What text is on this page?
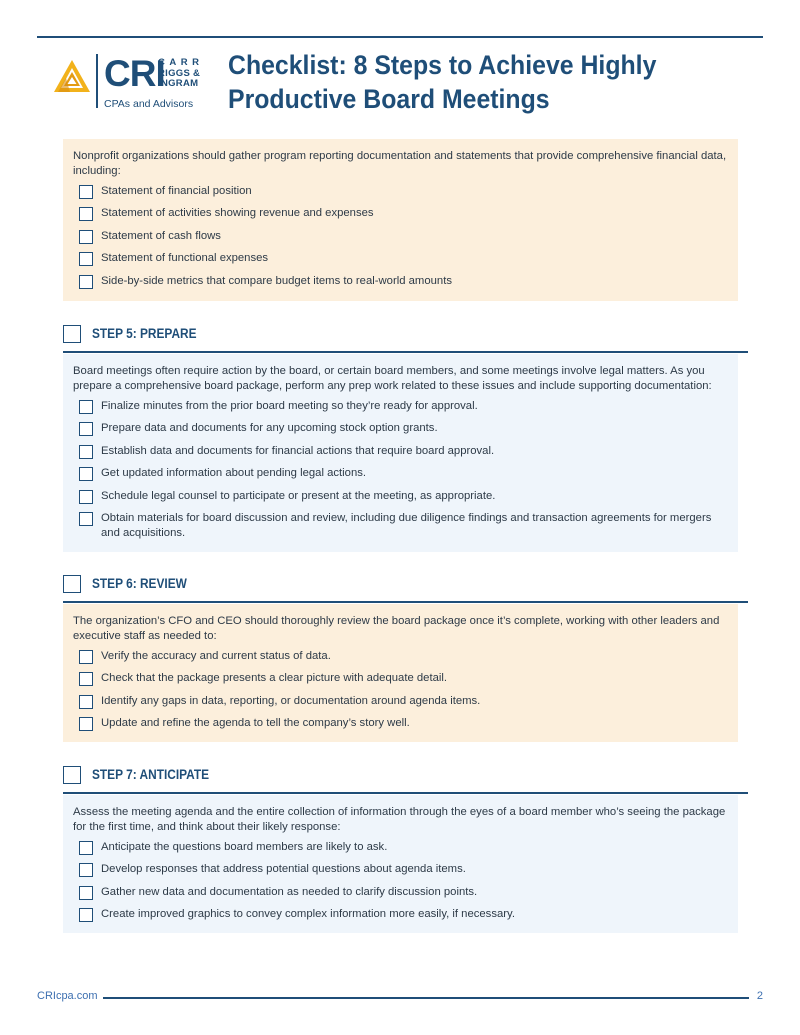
CRI
CARR
RIGGS &
INGRAM
CPAs and Advisors
Checklist: 8 Steps to Achieve Highly Productive Board Meetings

Nonprofit organizations should gather program reporting documentation and statements that provide comprehensive financial data, including:

Statement of financial position
Statement of activities showing revenue and expenses
Statement of cash flows
Statement of functional expenses
Side-by-side metrics that compare budget items to real-world amounts
STEP 5: PREPARE

Board meetings often require action by the board, or certain board members, and some meetings involve legal matters. As you prepare a comprehensive board package, perform any prep work related to these issues and include supporting documentation:

Finalize minutes from the prior board meeting so they’re ready for approval.
Prepare data and documents for any upcoming stock option grants.
Establish data and documents for financial actions that require board approval.
Get updated information about pending legal actions.
Schedule legal counsel to participate or present at the meeting, as appropriate.
Obtain materials for board discussion and review, including due diligence findings and transaction agreements for mergers and acquisitions.
STEP 6: REVIEW

The organization’s CFO and CEO should thoroughly review the board package once it’s complete, working with other leaders and executive staff as needed to:

Verify the accuracy and current status of data.
Check that the package presents a clear picture with adequate detail.
Identify any gaps in data, reporting, or documentation around agenda items.
Update and refine the agenda to tell the company’s story well.
STEP 7: ANTICIPATE

Assess the meeting agenda and the entire collection of information through the eyes of a board member who’s seeing the package for the first time, and think about their likely response:

Anticipate the questions board members are likely to ask.
Develop responses that address potential questions about agenda items.
Gather new data and documentation as needed to clarify discussion points.
Create improved graphics to convey complex information more easily, if necessary.
CRIcpa.com	2
